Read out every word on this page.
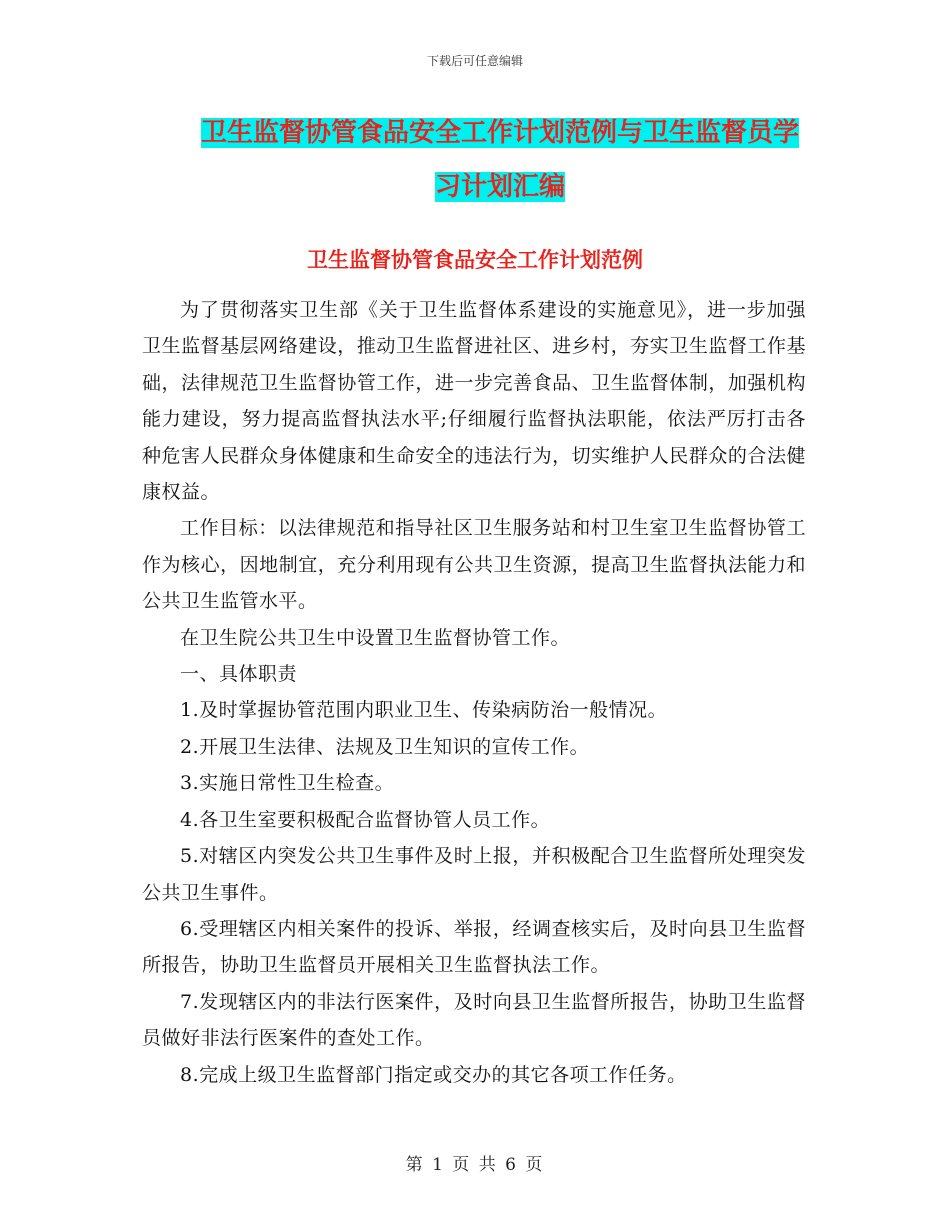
下载后可任意编辑
卫生监督协管食品安全工作计划范例与卫生监督员学
习计划汇编
卫生监督协管食品安全工作计划范例

为了贯彻落实卫生部《关于卫生监督体系建设的实施意见》，进一步加强卫生监督基层网络建设，推动卫生监督进社区、进乡村，夯实卫生监督工作基础，法律规范卫生监督协管工作，进一步完善食品、卫生监督体制，加强机构能力建设，努力提高监督执法水平;仔细履行监督执法职能，依法严厉打击各种危害人民群众身体健康和生命安全的违法行为，切实维护人民群众的合法健康权益。

工作目标：以法律规范和指导社区卫生服务站和村卫生室卫生监督协管工作为核心，因地制宜，充分利用现有公共卫生资源，提高卫生监督执法能力和公共卫生监管水平。

在卫生院公共卫生中设置卫生监督协管工作。

一、具体职责

1.及时掌握协管范围内职业卫生、传染病防治一般情况。

2.开展卫生法律、法规及卫生知识的宣传工作。

3.实施日常性卫生检查。

4.各卫生室要积极配合监督协管人员工作。

5.对辖区内突发公共卫生事件及时上报，并积极配合卫生监督所处理突发公共卫生事件。

6.受理辖区内相关案件的投诉、举报，经调查核实后，及时向县卫生监督所报告，协助卫生监督员开展相关卫生监督执法工作。

7.发现辖区内的非法行医案件，及时向县卫生监督所报告，协助卫生监督员做好非法行医案件的查处工作。

8.完成上级卫生监督部门指定或交办的其它各项工作任务。

第 1 页 共 6 页
